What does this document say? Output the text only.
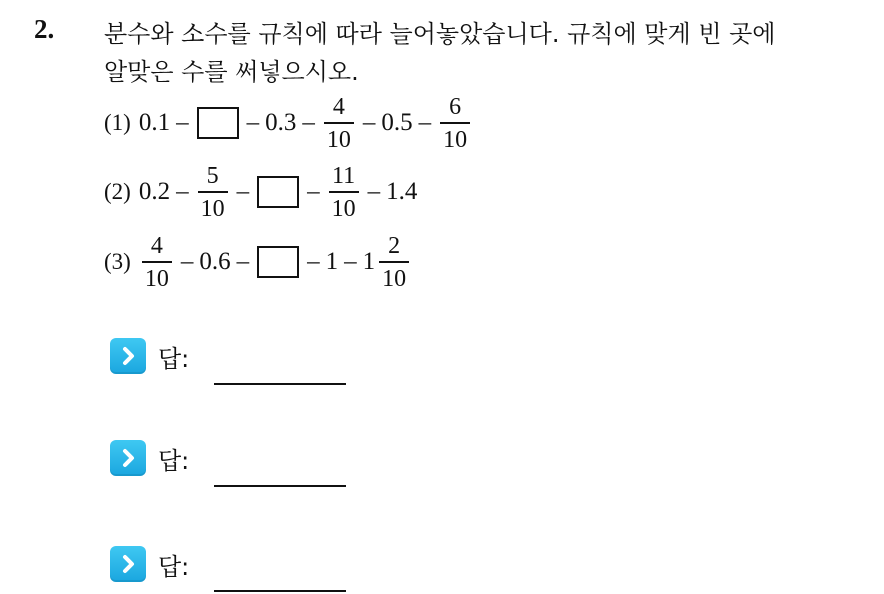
2. 분수와 소수를 규칙에 따라 늘어놓았습니다. 규칙에 맞게 빈 곳에
알맞은 수를 써넣으시오.
(1) 0.1 – – $0.3 - \frac{4}{10} - 0.5 - \frac{6}{10}$
(2) $0.2 - \frac{5}{10}$ – – $\frac{11}{10} - 1.4$
$(3) \frac{4}{10} - 0.6$ – – $1 - 1 \frac{2}{10}$
답:
답:
답:
